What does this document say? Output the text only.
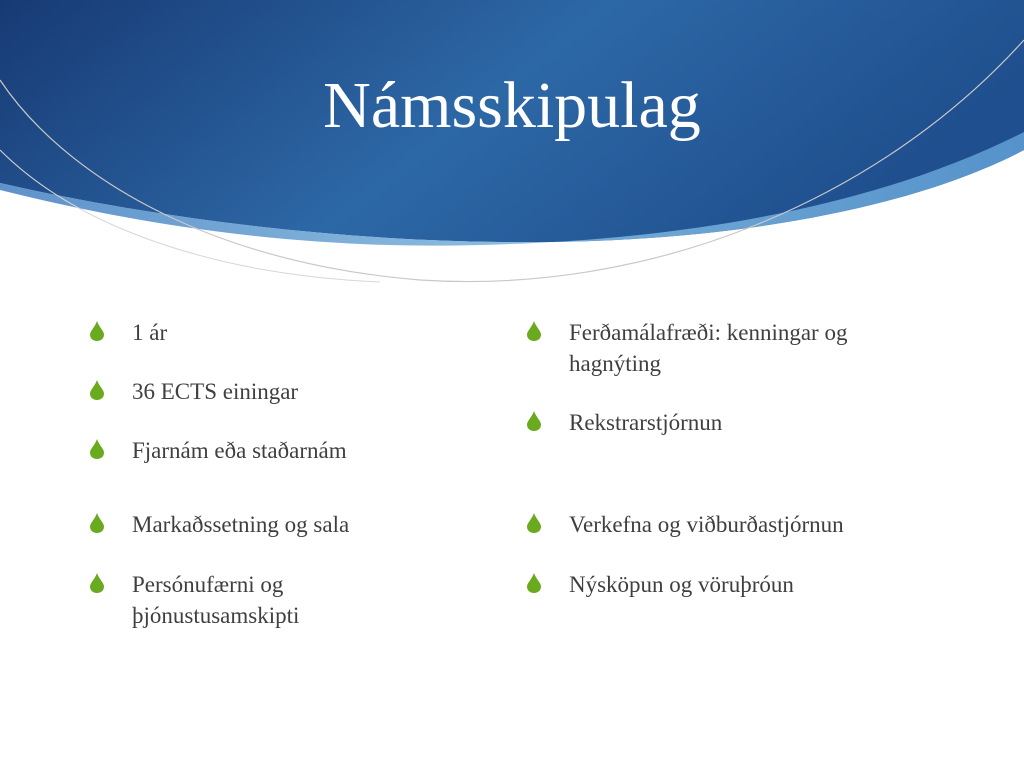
Námsskipulag
1 ár
36 ECTS einingar
Fjarnám eða staðarnám
Markaðssetning og sala
Persónufærni og þjónustusamskipti
Ferðamálafræði: kenningar og hagnýting
Rekstrarstjórnun
Verkefna og viðburðastjórnun
Nýsköpun og vöruþróun
